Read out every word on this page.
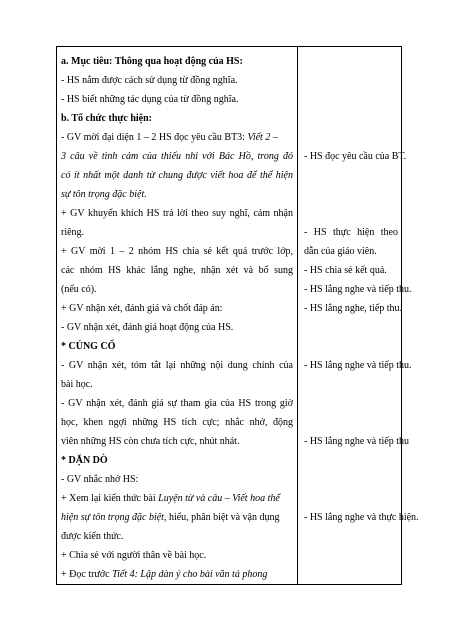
a. Mục tiêu: Thông qua hoạt động của HS:
- HS nắm được cách sử dụng từ đồng nghĩa.
- HS biết những tác dụng của từ đồng nghĩa.
b. Tổ chức thực hiện:
- GV mời đại diện 1 – 2 HS đọc yêu cầu BT3: Viết 2 –
3 câu về tình cảm của thiếu nhi với Bác Hồ, trong đó
có ít nhất một danh từ chung được viết hoa để thể hiện
sự tôn trọng đặc biệt.
+ GV khuyến khích HS trả lời theo suy nghĩ, cảm nhận
riêng.
+ GV mời 1 – 2 nhóm HS chia sẻ kết quả trước lớp,
các nhóm HS khác lắng nghe, nhận xét và bổ sung
(nếu có).
+ GV nhận xét, đánh giá và chốt đáp án:
- GV nhận xét, đánh giá hoạt động của HS.
* CỦNG CỐ
- GV nhận xét, tóm tắt lại những nội dung chính của
bài học.
- GV nhận xét, đánh giá sự tham gia của HS trong giờ
học, khen ngợi những HS tích cực; nhắc nhở, động
viên những HS còn chưa tích cực, nhút nhát.
* DẶN DÒ
- GV nhắc nhở HS:
+ Xem lại kiến thức bài Luyện từ và câu – Viết hoa thể
hiện sự tôn trọng đặc biệt, hiểu, phân biệt và vận dụng
được kiến thức.
+ Chia sẻ với người thân về bài học.
+ Đọc trước Tiết 4: Lập dàn ý cho bài văn tả phong
- HS đọc yêu cầu của BT.
- HS thực hiện theo
dẫn của giáo viên.
- HS chia sẻ kết quả.
- HS lắng nghe và tiếp thu.
- HS lắng nghe, tiếp thu.
- HS lắng nghe và tiếp thu.
- HS lắng nghe và tiếp thu
- HS lắng nghe và thực hiện.
